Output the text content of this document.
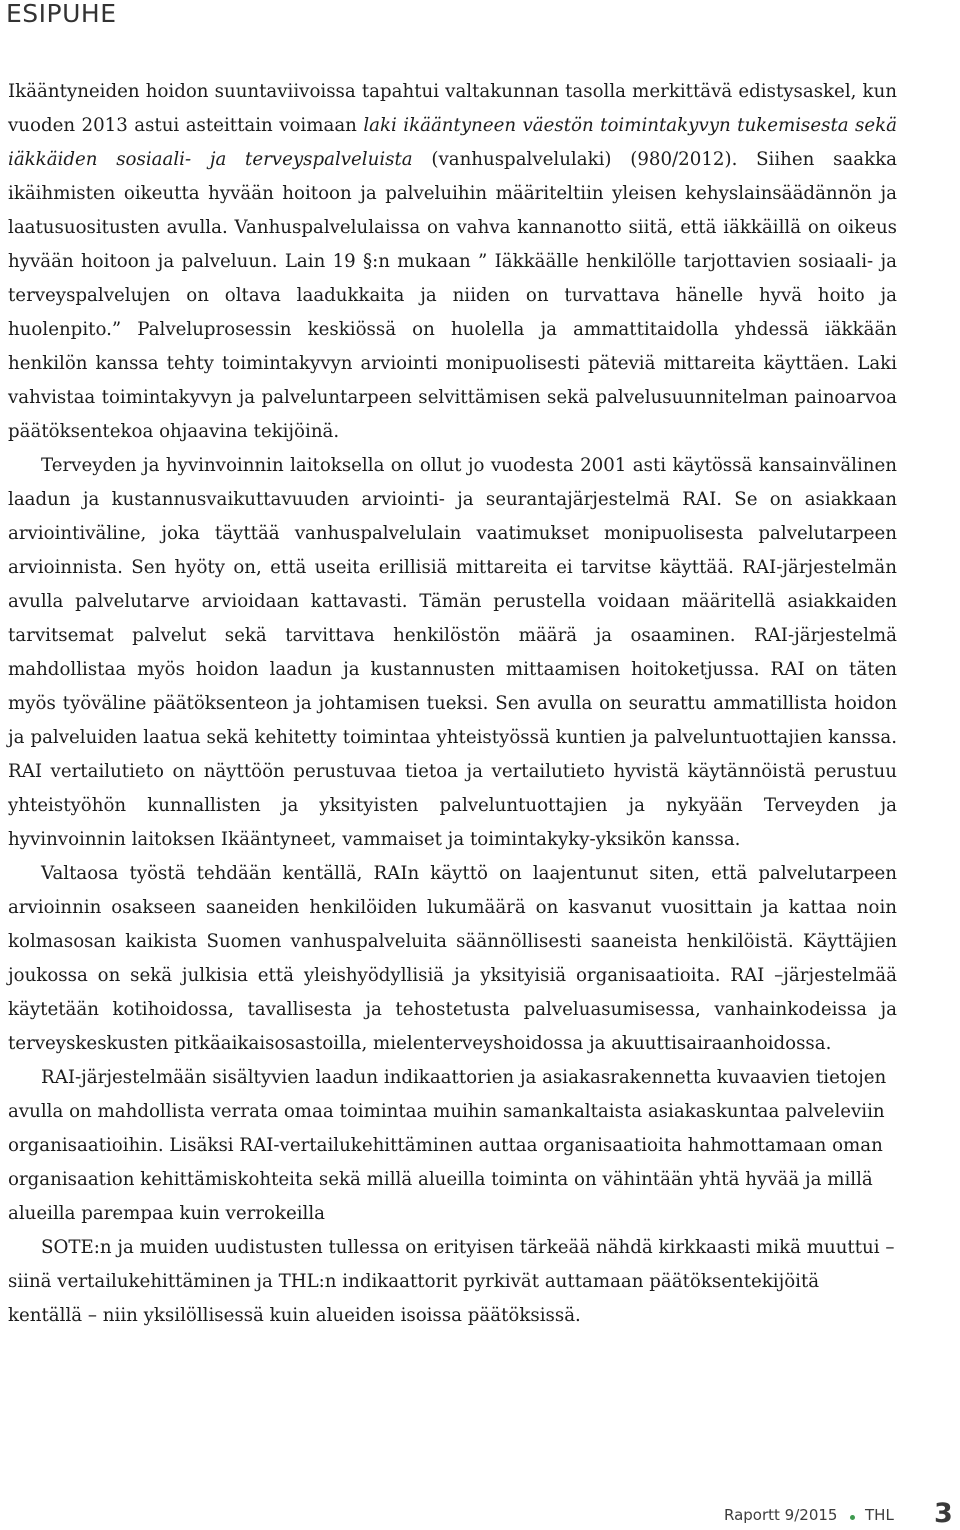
ESIPUHE

Ikääntyneiden hoidon suuntaviivoissa tapahtui valtakunnan tasolla merkittävä edistysaskel, kun vuoden 2013 astui asteittain voimaan laki ikääntyneen väestön toimintakyvyn tukemisesta sekä iäkkäiden sosiaali- ja terveyspalveluista (vanhuspalvelulaki) (980/2012). Siihen saakka ikäihmisten oikeutta hyvään hoitoon ja palveluihin määriteltiin yleisen kehyslainsäädännön ja laatusuositusten avulla. Vanhuspalvelulaissa on vahva kannanotto siitä, että iäkkäillä on oikeus hyvään hoitoon ja palveluun. Lain 19 §:n mukaan ” Iäkkäälle henkilölle tarjottavien sosiaali- ja terveyspalvelujen on oltava laadukkaita ja niiden on turvattava hänelle hyvä hoito ja huolenpito.” Palveluprosessin keskiössä on huolella ja ammattitaidolla yhdessä iäkkään henkilön kanssa tehty toimintakyvyn arviointi monipuolisesti päteviä mittareita käyttäen. Laki vahvistaa toimintakyvyn ja palveluntarpeen selvittämisen sekä palvelusuunnitelman painoarvoa päätöksentekoa ohjaavina tekijöinä.

Terveyden ja hyvinvoinnin laitoksella on ollut jo vuodesta 2001 asti käytössä kansainvälinen laadun ja kustannusvaikuttavuuden arviointi- ja seurantajärjestelmä RAI. Se on asiakkaan arviointiväline, joka täyttää vanhuspalvelulain vaatimukset monipuolisesta palvelutarpeen arvioinnista. Sen hyöty on, että useita erillisiä mittareita ei tarvitse käyttää. RAI-järjestelmän avulla palvelutarve arvioidaan kattavasti. Tämän perustella voidaan määritellä asiakkaiden tarvitsemat palvelut sekä tarvittava henkilöstön määrä ja osaaminen. RAI-järjestelmä mahdollistaa myös hoidon laadun ja kustannusten mittaamisen hoitoketjussa. RAI on täten myös työväline päätöksenteon ja johtamisen tueksi. Sen avulla on seurattu ammatillista hoidon ja palveluiden laatua sekä kehitetty toimintaa yhteistyössä kuntien ja palveluntuottajien kanssa. RAI vertailutieto on näyttöön perustuvaa tietoa ja vertailutieto hyvistä käytännöistä perustuu yhteistyöhön kunnallisten ja yksityisten palveluntuottajien ja nykyään Terveyden ja hyvinvoinnin laitoksen Ikääntyneet, vammaiset ja toimintakyky-yksikön kanssa.

Valtaosa työstä tehdään kentällä, RAIn käyttö on laajentunut siten, että palvelutarpeen arvioinnin osakseen saaneiden henkilöiden lukumäärä on kasvanut vuosittain ja kattaa noin kolmasosan kaikista Suomen vanhuspalveluita säännöllisesti saaneista henkilöistä. Käyttäjien joukossa on sekä julkisia että yleishyödyllisiä ja yksityisiä organisaatioita. RAI –järjestelmää käytetään kotihoidossa, tavallisesta ja tehostetusta palveluasumisessa, vanhainkodeissa ja terveyskeskusten pitkäaikaisosastoilla, mielenterveyshoidossa ja akuuttisairaanhoidossa.

RAI-järjestelmään sisältyvien laadun indikaattorien ja asiakasrakennetta kuvaavien tietojen avulla on mahdollista verrata omaa toimintaa muihin samankaltaista asiakaskuntaa palveleviin organisaatioihin. Lisäksi RAI-vertailukehittäminen auttaa organisaatioita hahmottamaan oman organisaation kehittämiskohteita sekä millä alueilla toiminta on vähintään yhtä hyvää ja millä alueilla parempaa kuin verrokeilla

SOTE:n ja muiden uudistusten tullessa on erityisen tärkeää nähdä kirkkaasti mikä muuttui – siinä vertailukehittäminen ja THL:n indikaattorit pyrkivät auttamaan päätöksentekijöitä kentällä – niin yksilöllisessä kuin alueiden isoissa päätöksissä.

Raportt 9/2015 THL 3
